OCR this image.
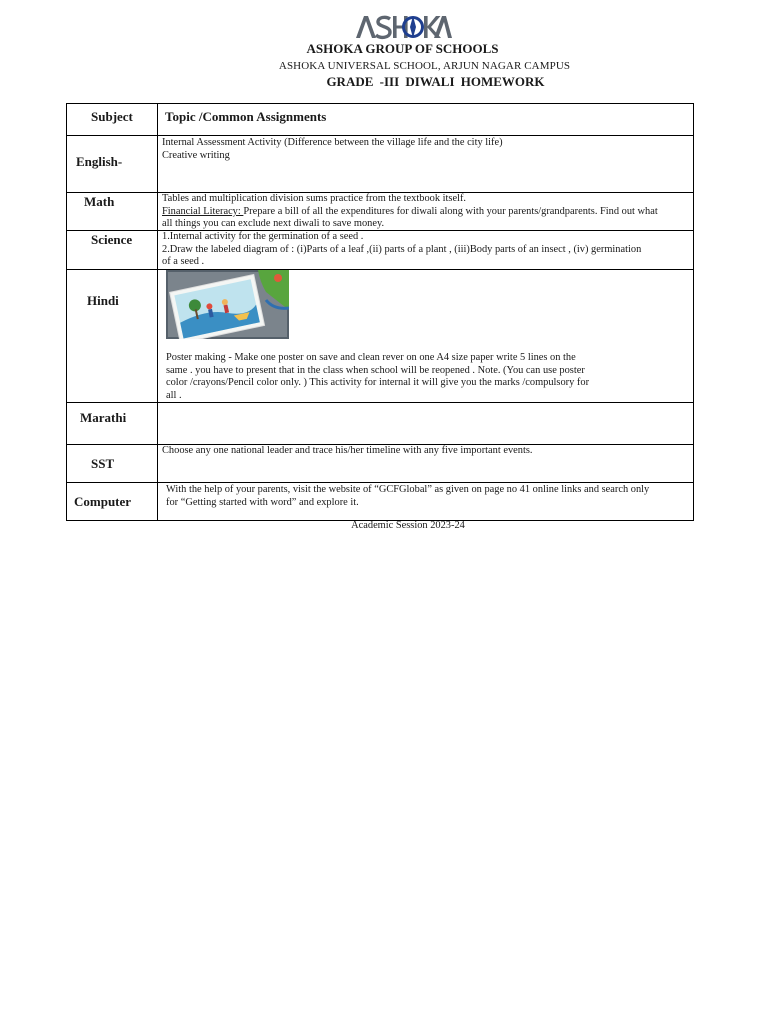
ASHOKA GROUP OF SCHOOLS
ASHOKA UNIVERSAL SCHOOL, ARJUN NAGAR CAMPUS
GRADE -III DIWALI HOMEWORK
Subject Topic /Common Assignments
English-
Internal Assessment Activity (Difference between the village life and the city life)
Creative writing
Math	Tables and multiplication division sums practice from the textbook itself.
Financial Literacy: Prepare a bill of all the expenditures for diwali along with your parents/grandparents. Find out what
all things you can exclude next diwali to save money.
Science	1.Internal activity for the germination of a seed .
2.Draw the labeled diagram of : (i)Parts of a leaf ,(ii) parts of a plant , (iii)Body parts of an insect , (iv) germination
of a seed .
Hindi
Poster making - Make one poster on save and clean rever on one A4 size paper write 5 lines on the
same . you have to present that in the class when school will be reopened . Note. (You can use poster
color /crayons/Pencil color only. ) This activity for internal it will give you the marks /compulsory for
all .
Marathi
SST
Choose any one national leader and trace his/her timeline with any five important events.
Computer
With the help of your parents, visit the website of “GCFGlobal” as given on page no 41 online links and search only
for “Getting started with word” and explore it.
Academic Session 2023-24
